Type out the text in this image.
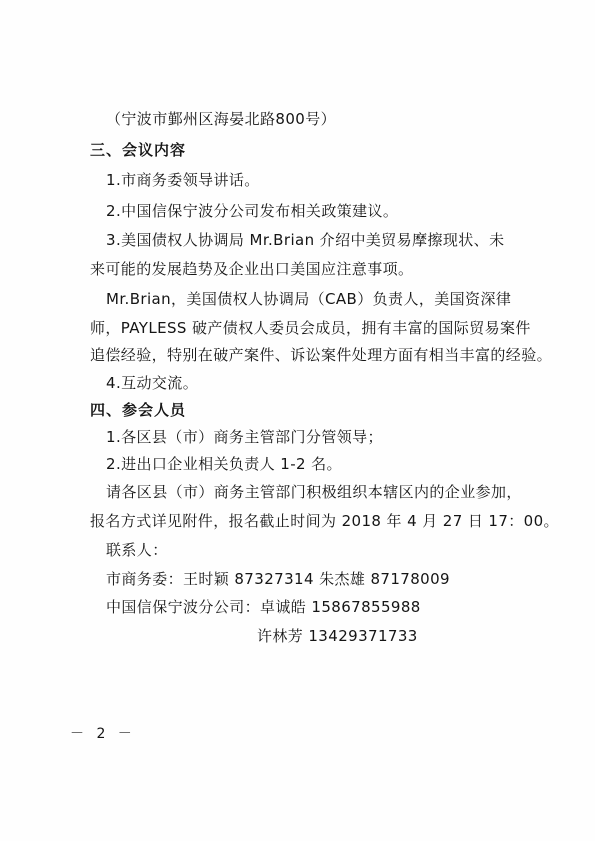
（宁波市鄞州区海晏北路800号）
三、会议内容
1.市商务委领导讲话。
2.中国信保宁波分公司发布相关政策建议。
3.美国债权人协调局 Mr.Brian 介绍中美贸易摩擦现状、未
来可能的发展趋势及企业出口美国应注意事项。
Mr.Brian，美国债权人协调局（CAB）负责人，美国资深律
师，PAYLESS 破产债权人委员会成员，拥有丰富的国际贸易案件
追偿经验，特别在破产案件、诉讼案件处理方面有相当丰富的经验。
4.互动交流。
四、参会人员
1.各区县（市）商务主管部门分管领导；
2.进出口企业相关负责人 1-2 名。
请各区县（市）商务主管部门积极组织本辖区内的企业参加，
报名方式详见附件，报名截止时间为 2018 年 4 月 27 日 17：00。
联系人：
市商务委：王时颖 87327314 朱杰雄 87178009
中国信保宁波分公司：卓诚皓 15867855988
许林芳 13429371733
－ 2 －
